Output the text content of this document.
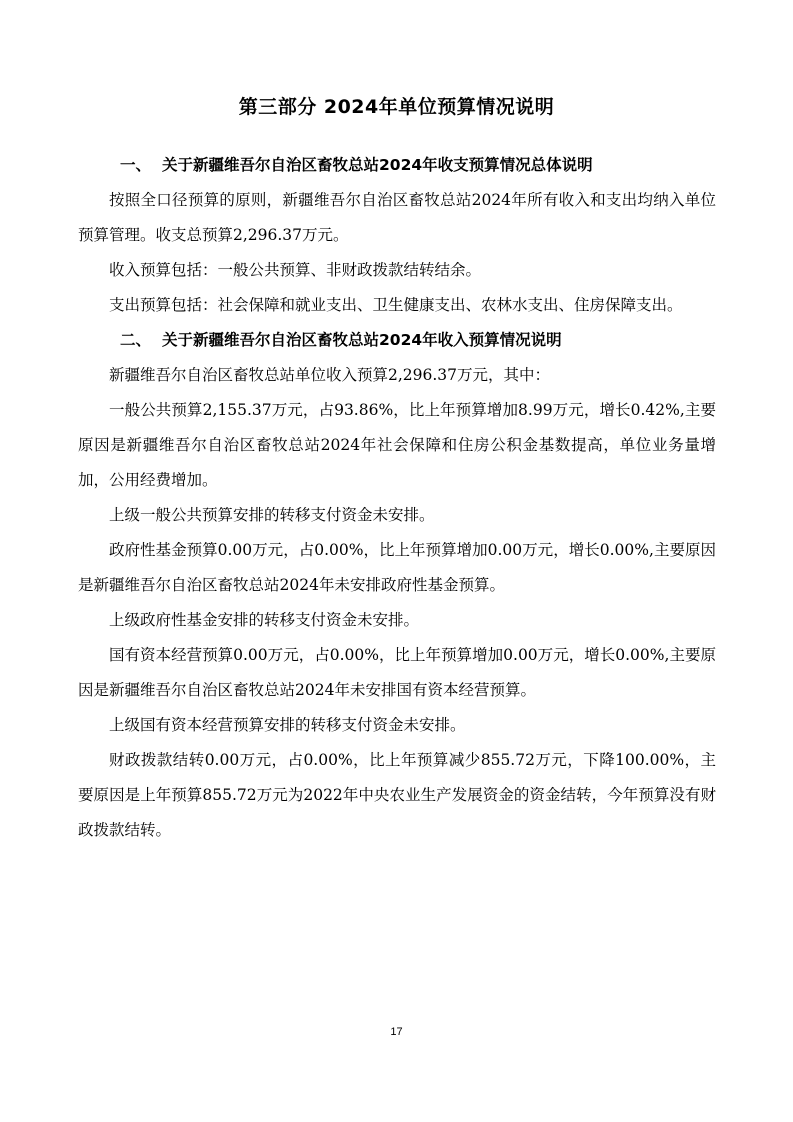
第三部分 2024年单位预算情况说明
一、 关于新疆维吾尔自治区畜牧总站2024年收支预算情况总体说明

按照全口径预算的原则，新疆维吾尔自治区畜牧总站2024年所有收入和支出均纳入单位预算管理。收支总预算2,296.37万元。

收入预算包括：一般公共预算、非财政拨款结转结余。

支出预算包括：社会保障和就业支出、卫生健康支出、农林水支出、住房保障支出。

二、 关于新疆维吾尔自治区畜牧总站2024年收入预算情况说明

新疆维吾尔自治区畜牧总站单位收入预算2,296.37万元，其中：

一般公共预算2,155.37万元，占93.86%，比上年预算增加8.99万元，增长0.42%,主要原因是新疆维吾尔自治区畜牧总站2024年社会保障和住房公积金基数提高，单位业务量增加，公用经费增加。

上级一般公共预算安排的转移支付资金未安排。

政府性基金预算0.00万元，占0.00%，比上年预算增加0.00万元，增长0.00%,主要原因是新疆维吾尔自治区畜牧总站2024年未安排政府性基金预算。

上级政府性基金安排的转移支付资金未安排。

国有资本经营预算0.00万元，占0.00%，比上年预算增加0.00万元，增长0.00%,主要原因是新疆维吾尔自治区畜牧总站2024年未安排国有资本经营预算。

上级国有资本经营预算安排的转移支付资金未安排。

财政拨款结转0.00万元，占0.00%，比上年预算减少855.72万元，下降100.00%，主要原因是上年预算855.72万元为2022年中央农业生产发展资金的资金结转，今年预算没有财政拨款结转。

17
